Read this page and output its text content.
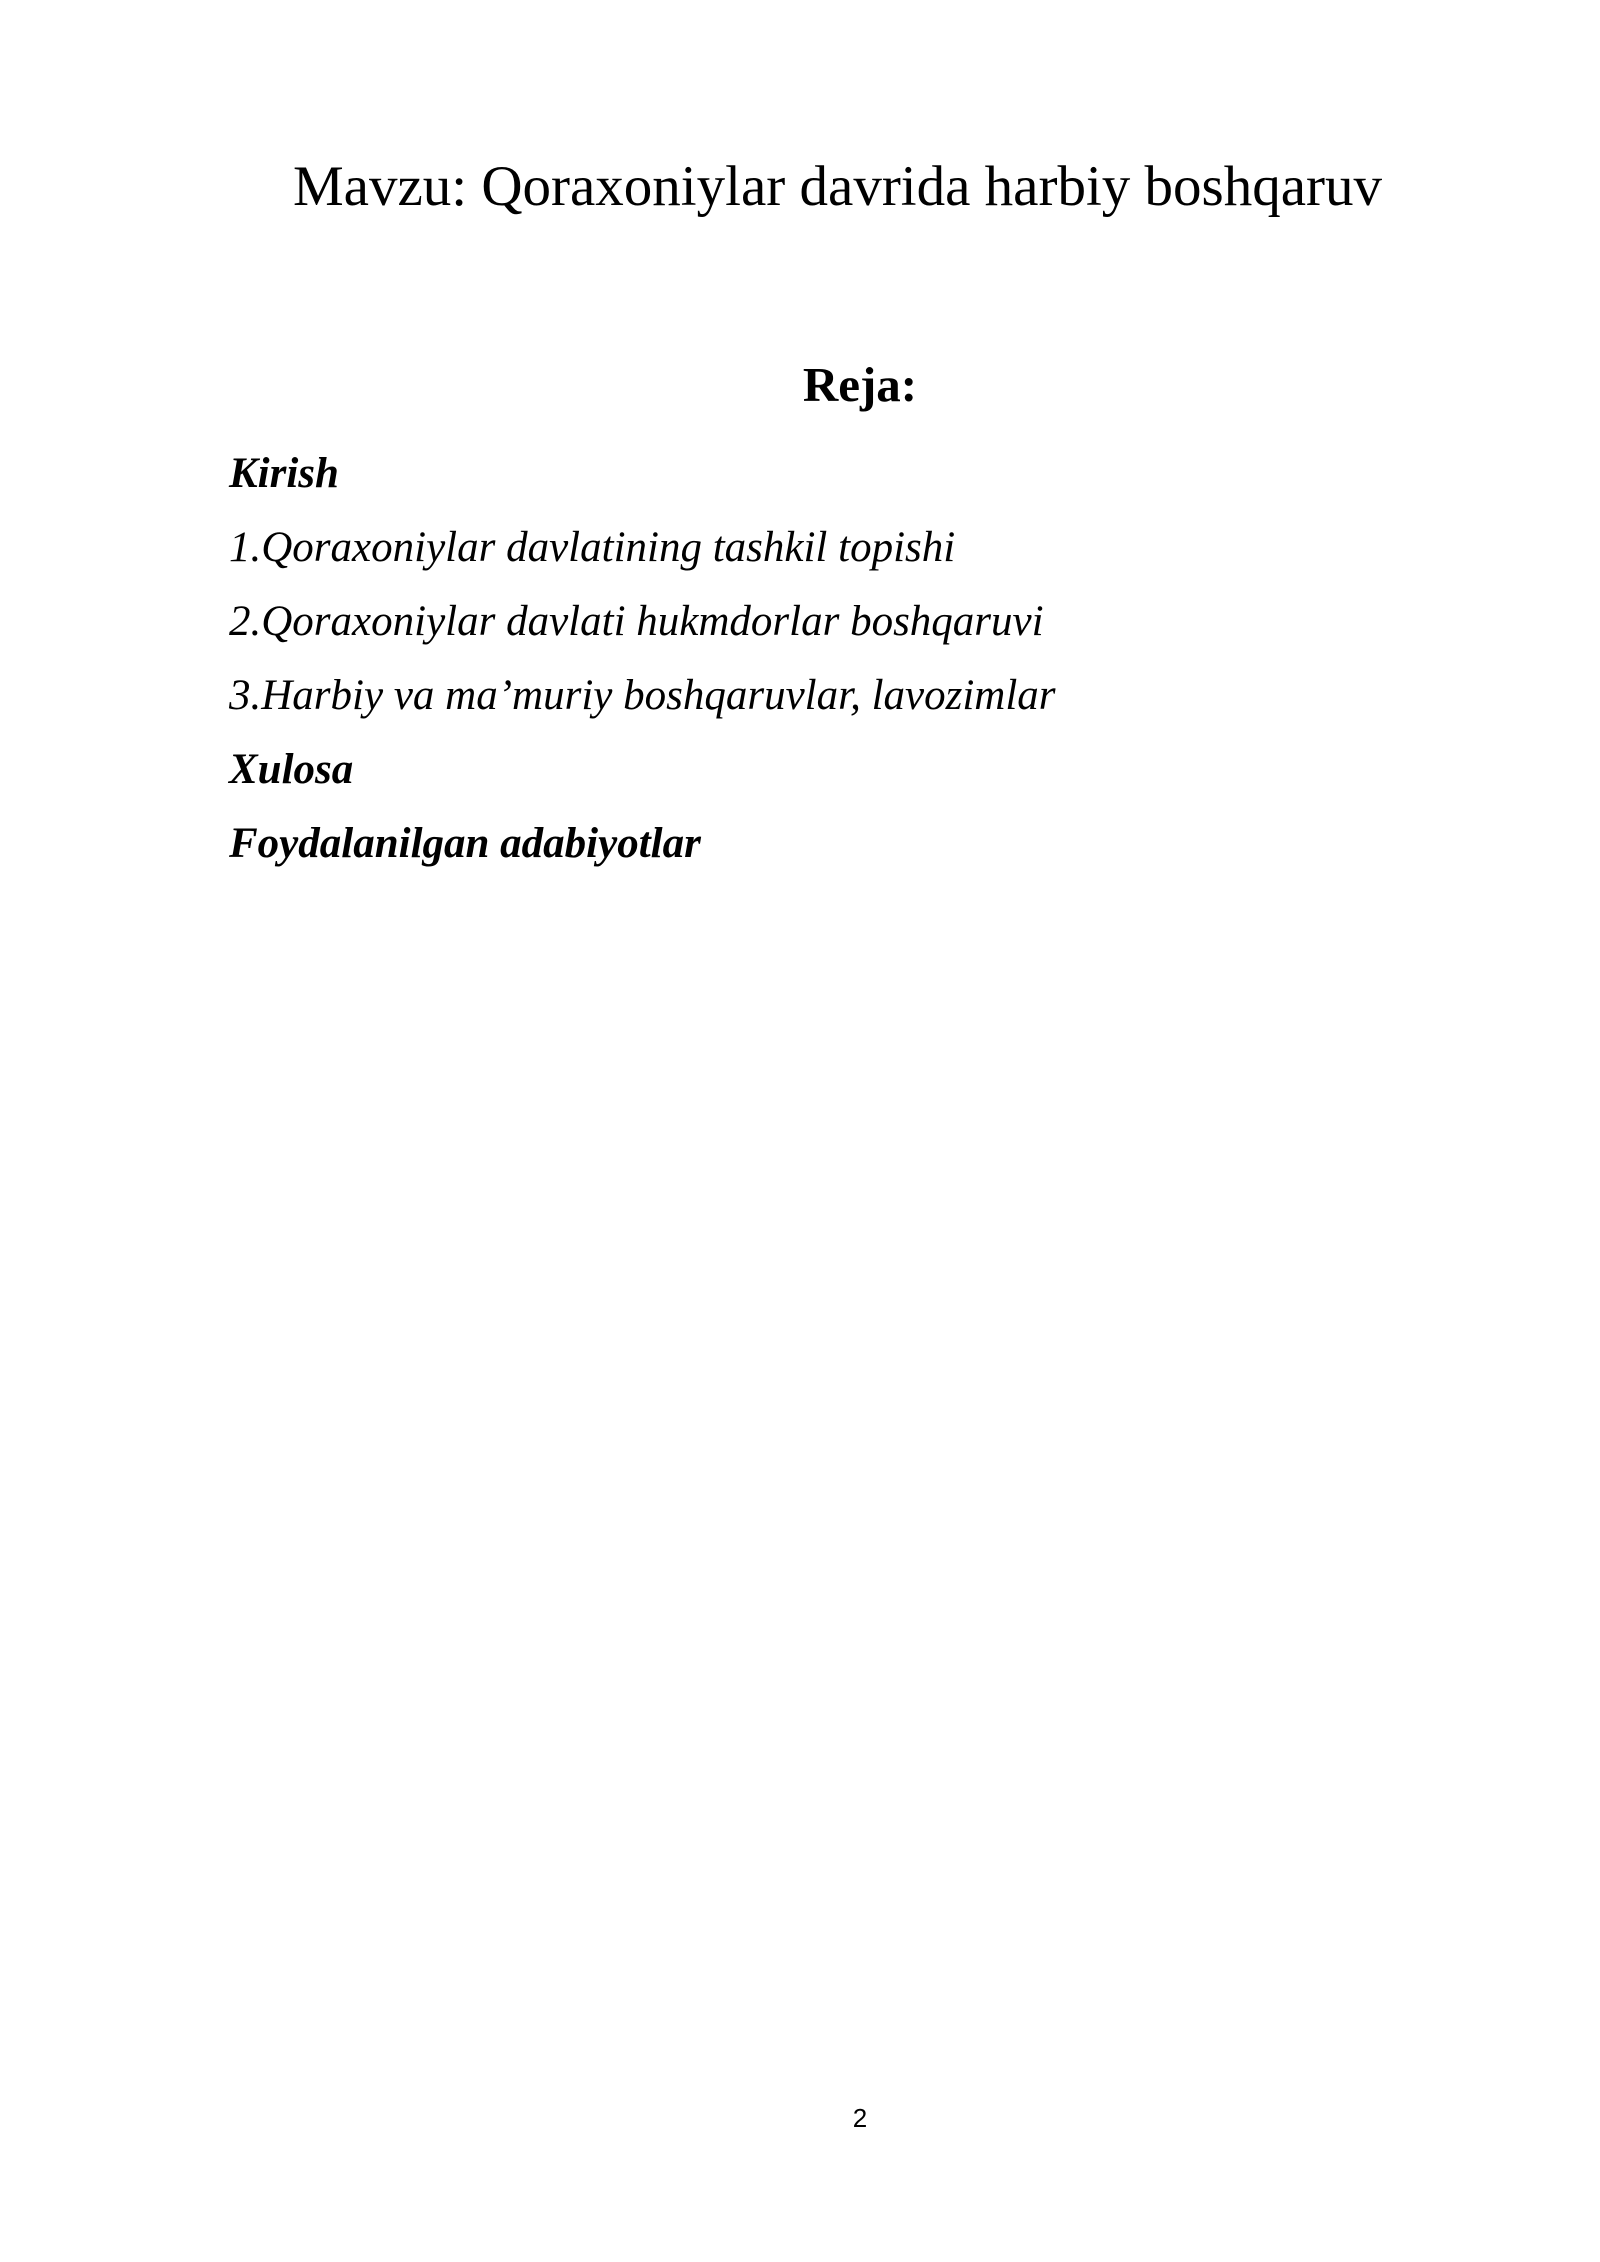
Mavzu: Qoraxoniylar davrida harbiy boshqaruv
Reja:
Kirish
1.Qoraxoniylar davlatining tashkil topishi
2.Qoraxoniylar davlati hukmdorlar boshqaruvi
3.Harbiy va ma’muriy boshqaruvlar, lavozimlar
Xulosa
Foydalanilgan adabiyotlar
2
